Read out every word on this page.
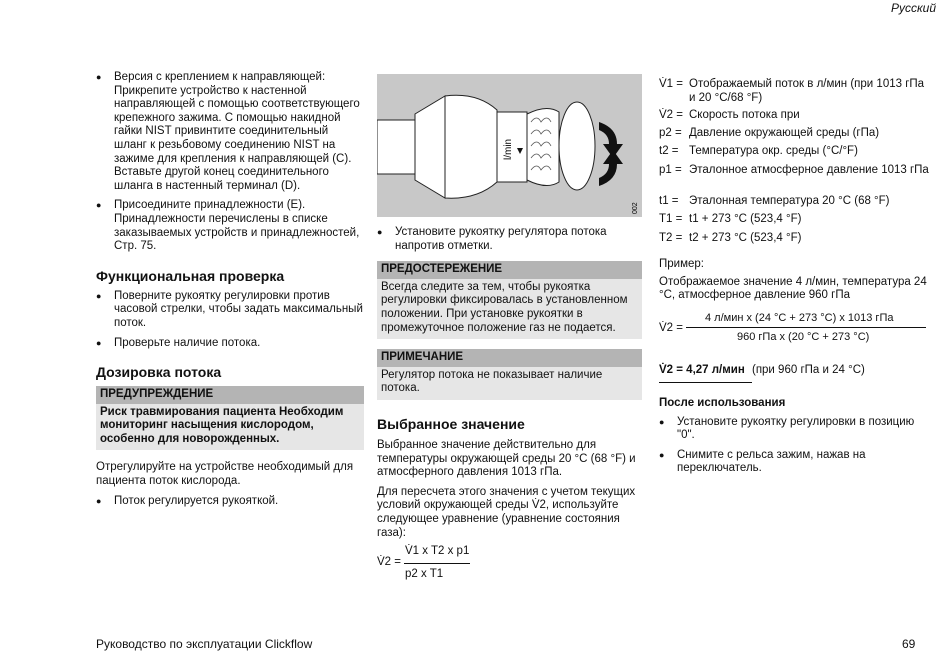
Русский
● Версия с креплением к направляющей: Прикрепите устройство к настенной направляющей с помощью соответствующего крепежного зажима. С помощью накидной гайки NIST привинтите соединительный шланг к резьбовому соединению NIST на зажиме для крепления к направляющей (C). Вставьте другой конец соединительного шланга в настенный терминал (D).
● Присоедините принадлежности (E). Принадлежности перечислены в списке заказываемых устройств и принадлежностей, Стр. 75.
Функциональная проверка
● Поверните рукоятку регулировки против часовой стрелки, чтобы задать максимальный поток.
● Проверьте наличие потока.
Дозировка потока
ПРЕДУПРЕЖДЕНИЕ
Риск травмирования пациента Необходим мониторинг насыщения кислородом, особенно для новорожденных.

Отрегулируйте на устройстве необходимый для пациента поток кислорода.

● Поток регулируется рукояткой.
l/min
002
● Установите рукоятку регулятора потока напротив отметки.
ПРЕДОСТЕРЕЖЕНИЕ
Всегда следите за тем, чтобы рукоятка регулировки фиксировалась в установленном положении. При установке рукоятки в промежуточное положение газ не подается.
ПРИМЕЧАНИЕ
Регулятор потока не показывает наличие потока.
Выбранное значение

Выбранное значение действительно для температуры окружающей среды 20 °C (68 °F) и атмосферного давления 1013 гПа.

Для пересчета этого значения с учетом текущих условий окружающей среды V̇2, используйте следующее уравнение (уравнение состояния газа):

V̇2 =
V̇1 x T2 x p1
p2 x T1
V̇1 = Отображаемый поток в л/мин (при 1013 гПа и 20 °C/68 °F)
V̇2 = Скорость потока при
p2 = Давление окружающей среды (гПа)
t2 = Температура окр. среды (°C/°F)
p1 = Эталонное атмосферное давление 1013 гПа
t1 = Эталонная температура 20 °C (68 °F)
T1 = t1 + 273 °C (523,4 °F)
T2 = t2 + 273 °C (523,4 °F)

Пример:

Отображаемое значение 4 л/мин, температура 24 °C, атмосферное давление 960 гПа

V̇2 =
4 л/мин x (24 °C + 273 °C) x 1013 гПа
960 гПа x (20 °C + 273 °C)
V̇2 = 4,27 л/мин (при 960 гПа и 24 °C)
После использования
● Установите рукоятку регулировки в позицию "0".
● Снимите с рельса зажим, нажав на переключатель.
Руководство по эксплуатации Clickflow	69
